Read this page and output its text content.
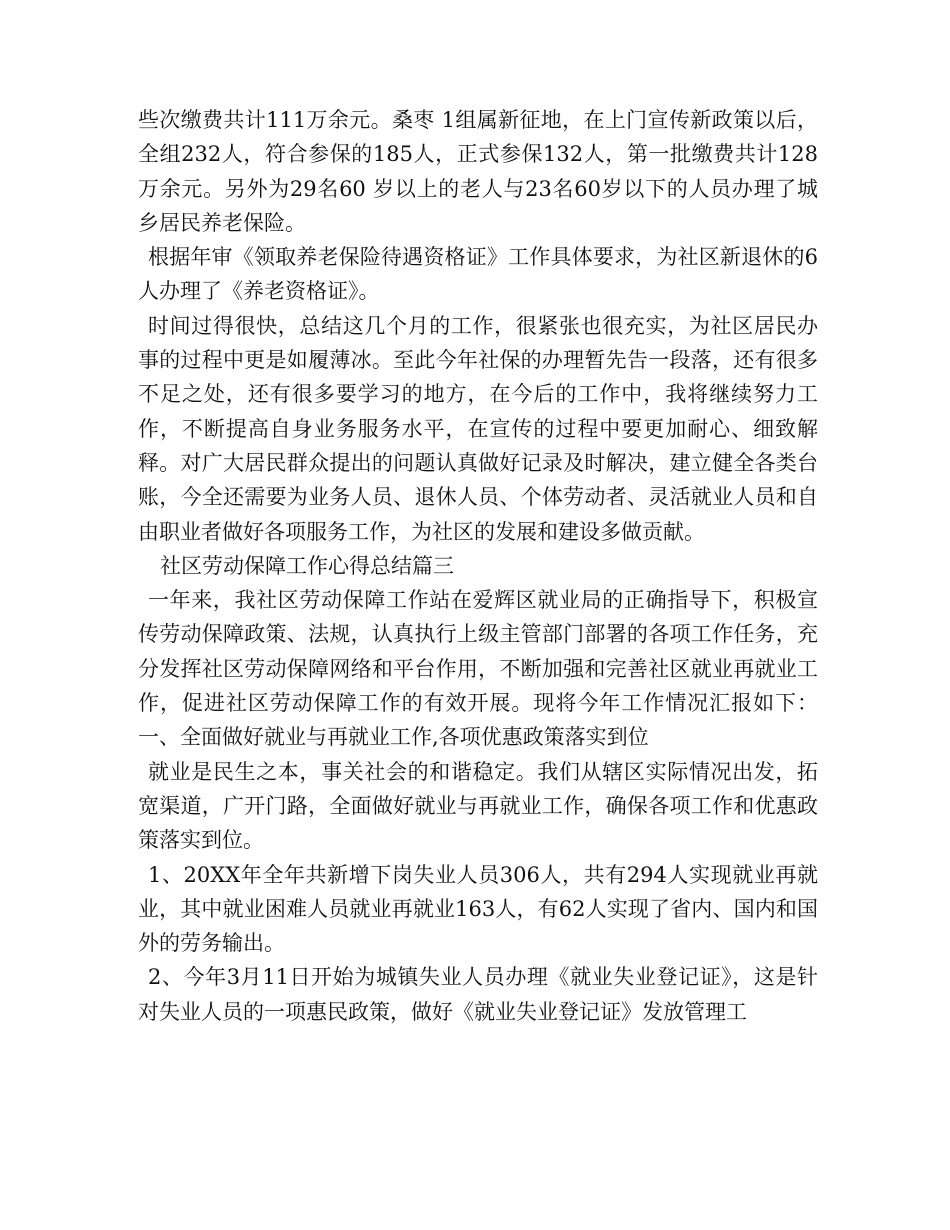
些次缴费共计111万余元。桑枣 1组属新征地，在上门宣传新政策以后，全组232人，符合参保的185人，正式参保132人，第一批缴费共计128万余元。另外为29名60 岁以上的老人与23名60岁以下的人员办理了城乡居民养老保险。

根据年审《领取养老保险待遇资格证》工作具体要求，为社区新退休的6人办理了《养老资格证》。

时间过得很快，总结这几个月的工作，很紧张也很充实，为社区居民办事的过程中更是如履薄冰。至此今年社保的办理暂先告一段落，还有很多不足之处，还有很多要学习的地方，在今后的工作中，我将继续努力工作，不断提高自身业务服务水平，在宣传的过程中要更加耐心、细致解释。对广大居民群众提出的问题认真做好记录及时解决，建立健全各类台账，今全还需要为业务人员、退休人员、个体劳动者、灵活就业人员和自由职业者做好各项服务工作，为社区的发展和建设多做贡献。

社区劳动保障工作心得总结篇三

一年来，我社区劳动保障工作站在爱辉区就业局的正确指导下，积极宣传劳动保障政策、法规，认真执行上级主管部门部署的各项工作任务，充分发挥社区劳动保障网络和平台作用，不断加强和完善社区就业再就业工作，促进社区劳动保障工作的有效开展。现将今年工作情况汇报如下： 一、全面做好就业与再就业工作,各项优惠政策落实到位

就业是民生之本，事关社会的和谐稳定。我们从辖区实际情况出发，拓宽渠道，广开门路，全面做好就业与再就业工作，确保各项工作和优惠政策落实到位。

1、20XX年全年共新增下岗失业人员306人，共有294人实现就业再就业，其中就业困难人员就业再就业163人，有62人实现了省内、国内和国外的劳务输出。

2、今年3月11日开始为城镇失业人员办理《就业失业登记证》，这是针对失业人员的一项惠民政策，做好《就业失业登记证》发放管理工
